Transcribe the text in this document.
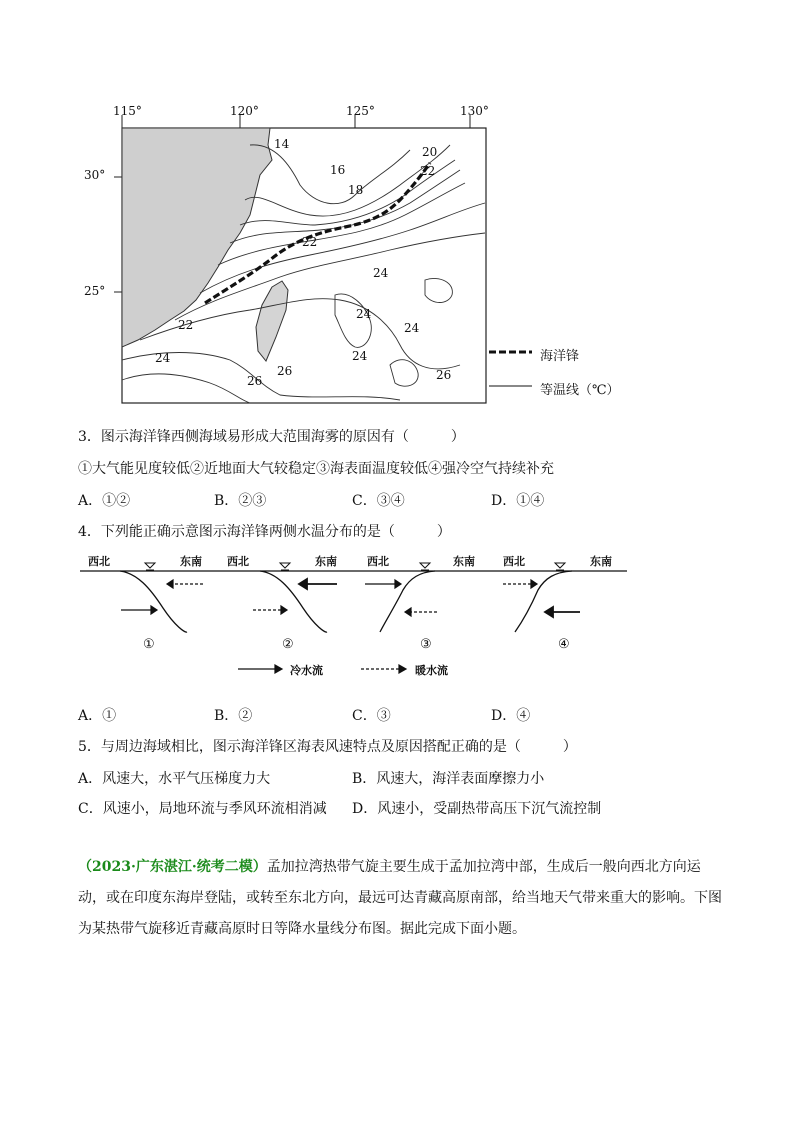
115°	120°	125°	130°
30°
25°
14
16
18
20
22
22
22
24
24
24
24
24
26
26	26
海洋锋
等温线（℃）
3．图示海洋锋西侧海域易形成大范围海雾的原因有（　　　）
①大气能见度较低②近地面大气较稳定③海表面温度较低④强冷空气持续补充
A．①②	B．②③	C．③④	D．①④
4．下列能正确示意图示海洋锋两侧水温分布的是（　　　）
西北	东南 西北	东南	西北	东南	西北	东南
①	②	③	④
冷水流	暖水流
A．①	B．②	C．③	D．④
5．与周边海域相比，图示海洋锋区海表风速特点及原因搭配正确的是（　　　）
A．风速大，水平气压梯度力大	B．风速大，海洋表面摩擦力小
C．风速小，局地环流与季风环流相消减 D．风速小，受副热带高压下沉气流控制
（2023·广东湛江·统考二模）孟加拉湾热带气旋主要生成于孟加拉湾中部，生成后一般向西北方向运动，或在印度东海岸登陆，或转至东北方向，最远可达青藏高原南部，给当地天气带来重大的影响。下图为某热带气旋移近青藏高原时日等降水量线分布图。据此完成下面小题。
